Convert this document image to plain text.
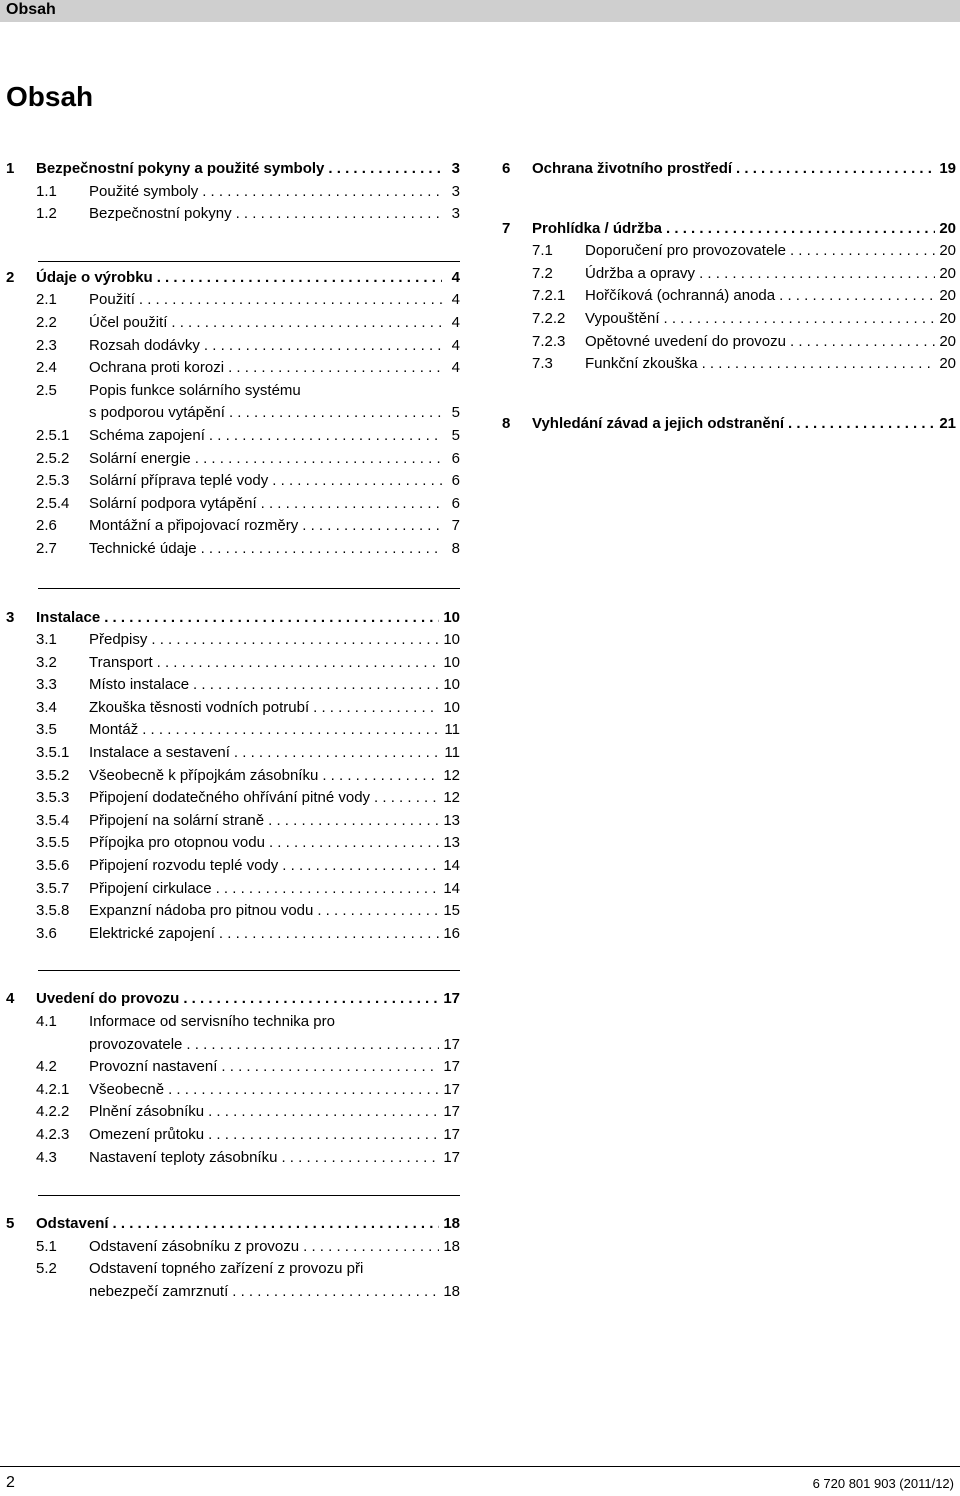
Obsah
Obsah
1	Bezpečnostní pokyny a použité symboly . . .	3
1.1	Použité symboly . . .	3
1.2	Bezpečnostní pokyny . . .	3
2	Údaje o výrobku . . .	4
2.1	Použití . . .	4
2.2	Účel použití . . .	4
2.3	Rozsah dodávky . . .	4
2.4	Ochrana proti korozi . . .	4
2.5	Popis funkce solárního systému
s podporou vytápění . . .	5
2.5.1	Schéma zapojení . . .	5
2.5.2	Solární energie . . .	6
2.5.3	Solární příprava teplé vody . . .	6
2.5.4	Solární podpora vytápění . . .	6
2.6	Montážní a připojovací rozměry . . .	7
2.7	Technické údaje . . .	8
3	Instalace . . .	10
3.1	Předpisy . . .	10
3.2	Transport . . .	10
3.3	Místo instalace . . .	10
3.4	Zkouška těsnosti vodních potrubí . . .	10
3.5	Montáž . . .	11
3.5.1	Instalace a sestavení . . .	11
3.5.2	Všeobecně k přípojkám zásobníku . . .	12
3.5.3	Připojení dodatečného ohřívání pitné vody . . .	12
3.5.4	Připojení na solární straně . . .	13
3.5.5	Přípojka pro otopnou vodu . . .	13
3.5.6	Připojení rozvodu teplé vody . . .	14
3.5.7	Připojení cirkulace . . .	14
3.5.8	Expanzní nádoba pro pitnou vodu . . .	15
3.6	Elektrické zapojení . . .	16
4	Uvedení do provozu . . .	17
4.1	Informace od servisního technika pro
provozovatele . . .	17
4.2	Provozní nastavení . . .	17
4.2.1	Všeobecně . . .	17
4.2.2	Plnění zásobníku . . .	17
4.2.3	Omezení průtoku . . .	17
4.3	Nastavení teploty zásobníku . . .	17
5	Odstavení . . .	18
5.1	Odstavení zásobníku z provozu . . .	18
5.2	Odstavení topného zařízení z provozu při
nebezpečí zamrznutí . . .	18
6	Ochrana životního prostředí . . .	19
7	Prohlídka / údržba . . .	20
7.1	Doporučení pro provozovatele . . .	20
7.2	Údržba a opravy . . .	20
7.2.1	Hořčíková (ochranná) anoda . . .	20
7.2.2	Vypouštění . . .	20
7.2.3	Opětovné uvedení do provozu . . .	20
7.3	Funkční zkouška . . .	20
8	Vyhledání závad a jejich odstranění . . .	21
2	6 720 801 903 (2011/12)
